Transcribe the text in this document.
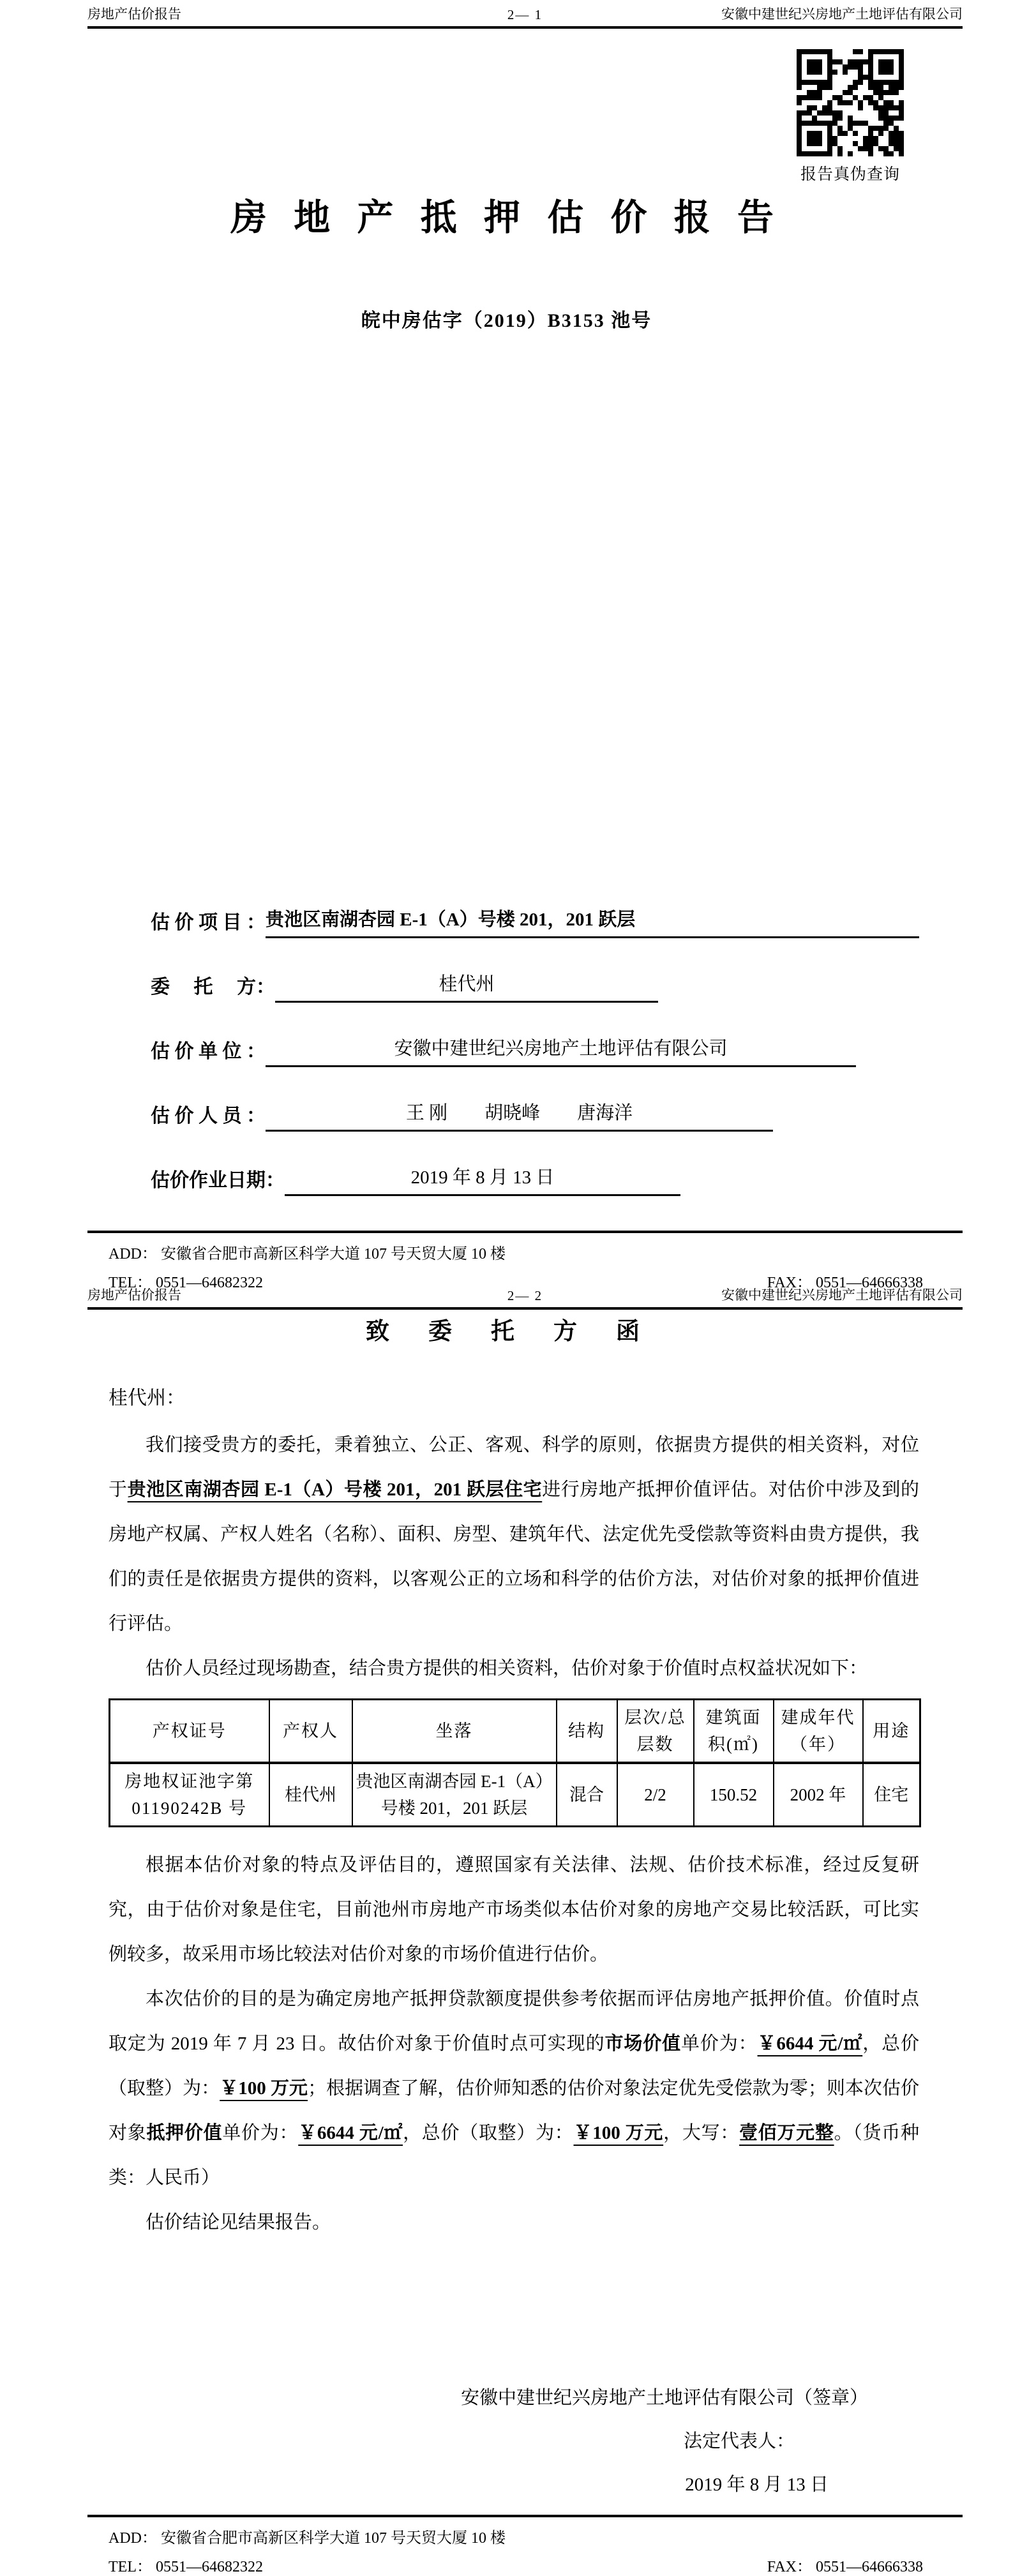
房地产估价报告	2— 1	安徽中建世纪兴房地产土地评估有限公司
报告真伪查询
房 地 产 抵 押 估 价 报 告
皖中房估字（2019）B3153 池号
估 价 项 目 ： 贵池区南湖杏园 E-1（A）号楼 201，201 跃层
委　 托　 方：	桂代州
估 价 单 位 ：	安徽中建世纪兴房地产土地评估有限公司
估 价 人 员 ：	王 刚　　胡晓峰　　唐海洋
估价作业日期：	2019 年 8 月 13 日
ADD： 安徽省合肥市高新区科学大道 107 号天贸大厦 10 楼
TEL： 0551—64682322	FAX： 0551—64666338
房地产估价报告	2— 2	安徽中建世纪兴房地产土地评估有限公司
致　委　托　方　函
桂代州：

我们接受贵方的委托，秉着独立、公正、客观、科学的原则，依据贵方提供的相关资料，对位于贵池区南湖杏园 E-1（A）号楼 201，201 跃层住宅进行房地产抵押价值评估。对估价中涉及到的房地产权属、产权人姓名（名称）、面积、房型、建筑年代、法定优先受偿款等资料由贵方提供，我们的责任是依据贵方提供的资料，以客观公正的立场和科学的估价方法，对估价对象的抵押价值进行评估。

估价人员经过现场勘查，结合贵方提供的相关资料，估价对象于价值时点权益状况如下：

产权证号	产权人	坐落	结构	层次/总层数	建筑面积(㎡)	建成年代（年）	用途
房地权证池字第 01190242B 号	桂代州	贵池区南湖杏园 E-1（A）号楼 201，201 跃层	混合	2/2	150.52	2002 年	住宅

根据本估价对象的特点及评估目的，遵照国家有关法律、法规、估价技术标准，经过反复研究，由于估价对象是住宅，目前池州市房地产市场类似本估价对象的房地产交易比较活跃，可比实例较多，故采用市场比较法对估价对象的市场价值进行估价。

本次估价的目的是为确定房地产抵押贷款额度提供参考依据而评估房地产抵押价值。价值时点取定为 2019 年 7 月 23 日。故估价对象于价值时点可实现的市场价值单价为：￥6644 元/㎡，总价（取整）为：￥100 万元；根据调查了解，估价师知悉的估价对象法定优先受偿款为零；则本次估价对象抵押价值单价为：￥6644 元/㎡，总价（取整）为：￥100 万元，大写：壹佰万元整。（货币种类：人民币）

估价结论见结果报告。

安徽中建世纪兴房地产土地评估有限公司（签章）
法定代表人：
2019 年 8 月 13 日
ADD： 安徽省合肥市高新区科学大道 107 号天贸大厦 10 楼
TEL： 0551—64682322	FAX： 0551—64666338
